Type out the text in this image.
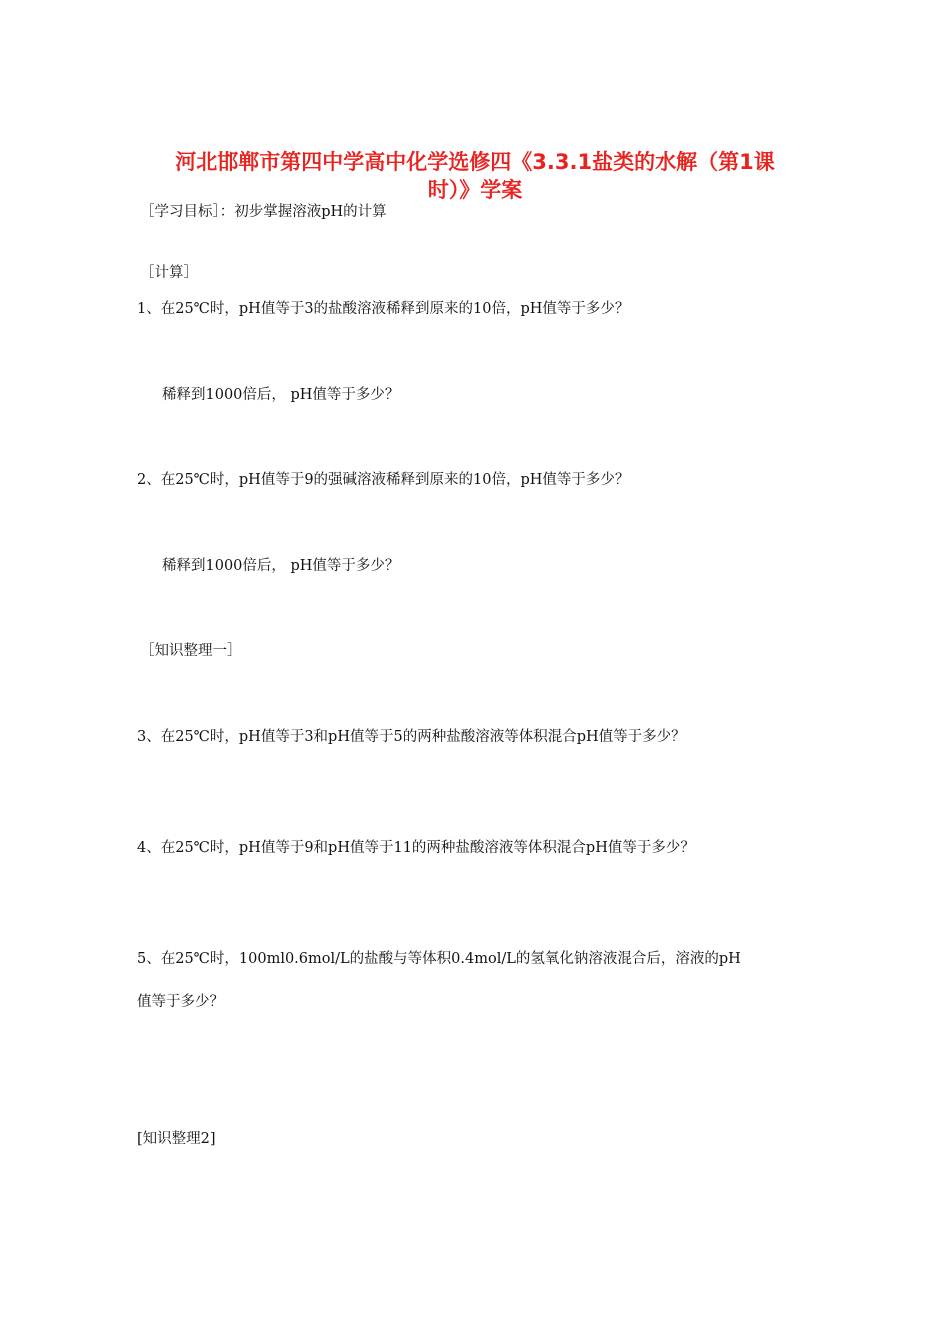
河北邯郸市第四中学高中化学选修四《3.3.1盐类的水解（第1课
时）》学案
［学习目标］：初步掌握溶液pH的计算
［计算］
1、在25℃时，pH值等于3的盐酸溶液稀释到原来的10倍，pH值等于多少？
稀释到1000倍后， pH值等于多少？
2、在25℃时，pH值等于9的强碱溶液稀释到原来的10倍，pH值等于多少？
稀释到1000倍后， pH值等于多少？
［知识整理一］
3、在25℃时，pH值等于3和pH值等于5的两种盐酸溶液等体积混合pH值等于多少？
4、在25℃时，pH值等于9和pH值等于11的两种盐酸溶液等体积混合pH值等于多少？
5、在25℃时，100ml0.6mol/L的盐酸与等体积0.4mol/L的氢氧化钠溶液混合后，溶液的pH
值等于多少？
[知识整理2]
